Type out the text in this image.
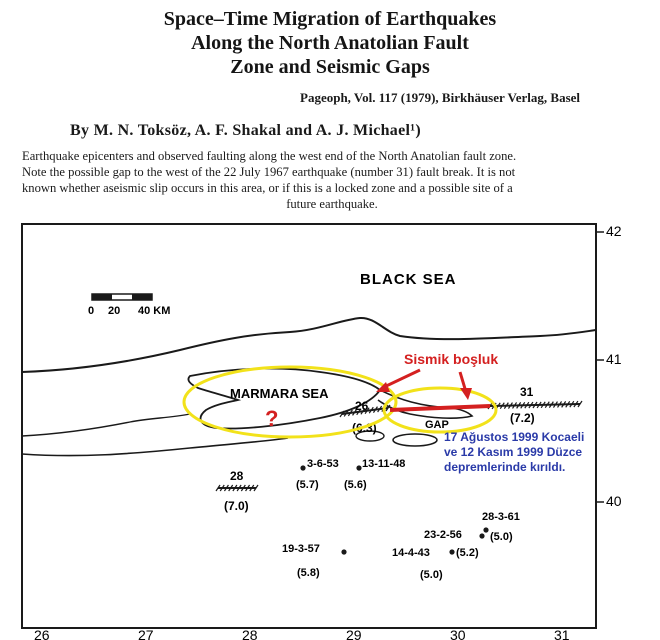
Space–Time Migration of Earthquakes
Along the North Anatolian Fault
Zone and Seismic Gaps
Pageoph, Vol. 117 (1979), Birkhäuser Verlag, Basel
By M. N. Toksöz, A. F. Shakal and A. J. Michael¹)
Earthquake epicenters and observed faulting along the west end of the North Anatolian fault zone.
Note the possible gap to the west of the 22 July 1967 earthquake (number 31) fault break. It is not
known whether aseismic slip occurs in this area, or if this is a locked zone and a possible site of a
future earthquake.
0 20 40 KM
BLACK SEA
MARMARA SEA
GAP
26
(6.3)
31
(7.2)
28
(7.0)
3-6-53
(5.7)
13-11-48
(5.6)
19-3-57
(5.8)
14-4-43
(5.0)
23-2-56
(5.2)
28-3-61
(5.0)
42
41
40
26	27	28	29	30	31
?
Sismik boşluk
17 Ağustos 1999 Kocaeli
ve 12 Kasım 1999 Düzce
depremlerinde kırıldı.
